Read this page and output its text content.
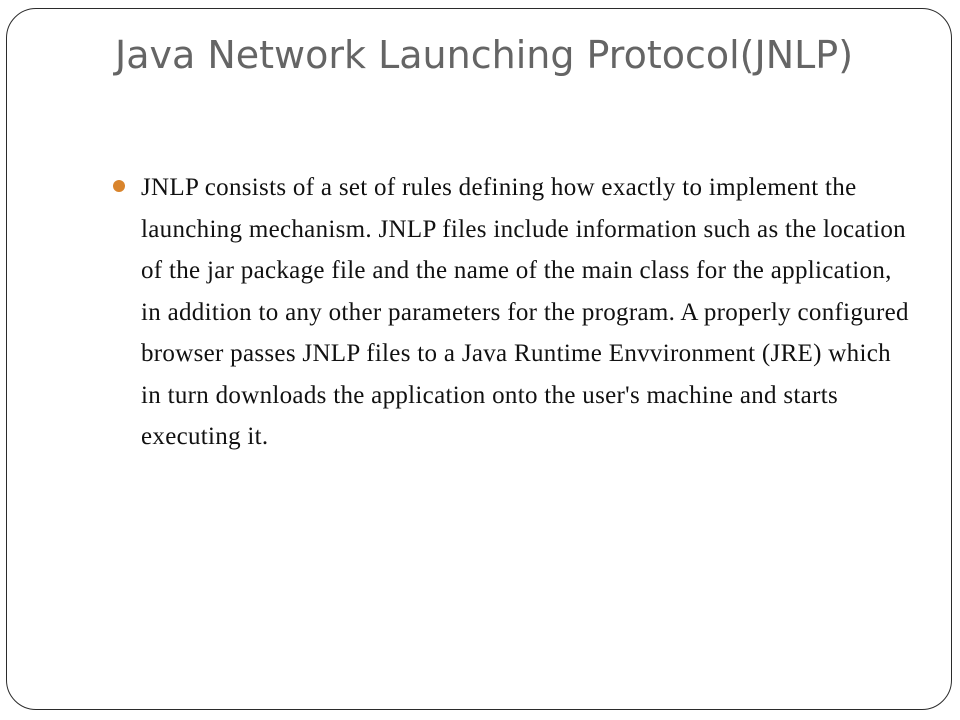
Java Network Launching Protocol(JNLP)
JNLP consists of a set of rules defining how exactly to implement the launching mechanism. JNLP files include information such as the location of the jar package file and the name of the main class for the application, in addition to any other parameters for the program. A properly configured browser passes JNLP files to a Java Runtime Envvironment (JRE) which in turn downloads the application onto the user's machine and starts executing it.
